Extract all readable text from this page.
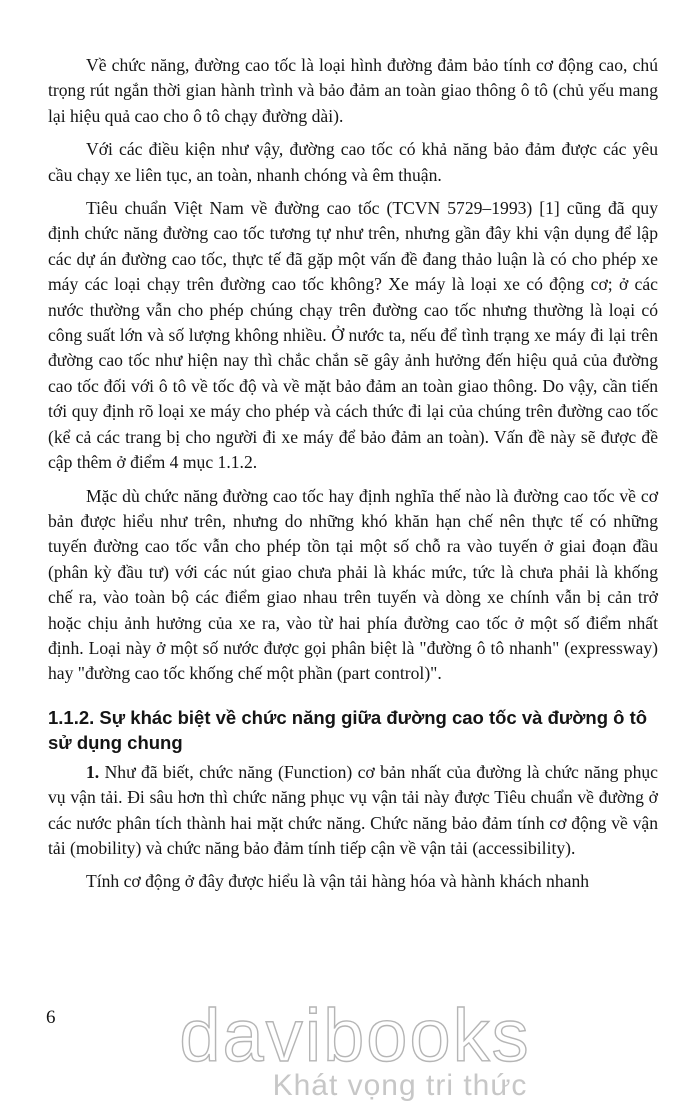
Về chức năng, đường cao tốc là loại hình đường đảm bảo tính cơ động cao, chú trọng rút ngắn thời gian hành trình và bảo đảm an toàn giao thông ô tô (chủ yếu mang lại hiệu quả cao cho ô tô chạy đường dài).

Với các điều kiện như vậy, đường cao tốc có khả năng bảo đảm được các yêu cầu chạy xe liên tục, an toàn, nhanh chóng và êm thuận.

Tiêu chuẩn Việt Nam về đường cao tốc (TCVN 5729–1993) [1] cũng đã quy định chức năng đường cao tốc tương tự như trên, nhưng gần đây khi vận dụng để lập các dự án đường cao tốc, thực tế đã gặp một vấn đề đang thảo luận là có cho phép xe máy các loại chạy trên đường cao tốc không? Xe máy là loại xe có động cơ; ở các nước thường vẫn cho phép chúng chạy trên đường cao tốc nhưng thường là loại có công suất lớn và số lượng không nhiều. Ở nước ta, nếu để tình trạng xe máy đi lại trên đường cao tốc như hiện nay thì chắc chắn sẽ gây ảnh hưởng đến hiệu quả của đường cao tốc đối với ô tô về tốc độ và về mặt bảo đảm an toàn giao thông. Do vậy, cần tiến tới quy định rõ loại xe máy cho phép và cách thức đi lại của chúng trên đường cao tốc (kể cả các trang bị cho người đi xe máy để bảo đảm an toàn). Vấn đề này sẽ được đề cập thêm ở điểm 4 mục 1.1.2.

Mặc dù chức năng đường cao tốc hay định nghĩa thế nào là đường cao tốc về cơ bản được hiểu như trên, nhưng do những khó khăn hạn chế nên thực tế có những tuyến đường cao tốc vẫn cho phép tồn tại một số chỗ ra vào tuyến ở giai đoạn đầu (phân kỳ đầu tư) với các nút giao chưa phải là khác mức, tức là chưa phải là khống chế ra, vào toàn bộ các điểm giao nhau trên tuyến và dòng xe chính vẫn bị cản trở hoặc chịu ảnh hưởng của xe ra, vào từ hai phía đường cao tốc ở một số điểm nhất định. Loại này ở một số nước được gọi phân biệt là "đường ô tô nhanh" (expressway) hay "đường cao tốc khống chế một phần (part control)".

1.1.2. Sự khác biệt về chức năng giữa đường cao tốc và đường ô tô sử dụng chung

1. Như đã biết, chức năng (Function) cơ bản nhất của đường là chức năng phục vụ vận tải. Đi sâu hơn thì chức năng phục vụ vận tải này được Tiêu chuẩn về đường ở các nước phân tích thành hai mặt chức năng. Chức năng bảo đảm tính cơ động về vận tải (mobility) và chức năng bảo đảm tính tiếp cận về vận tải (accessibility).

Tính cơ động ở đây được hiểu là vận tải hàng hóa và hành khách nhanh

6	davibooks
Khát vọng tri thức
